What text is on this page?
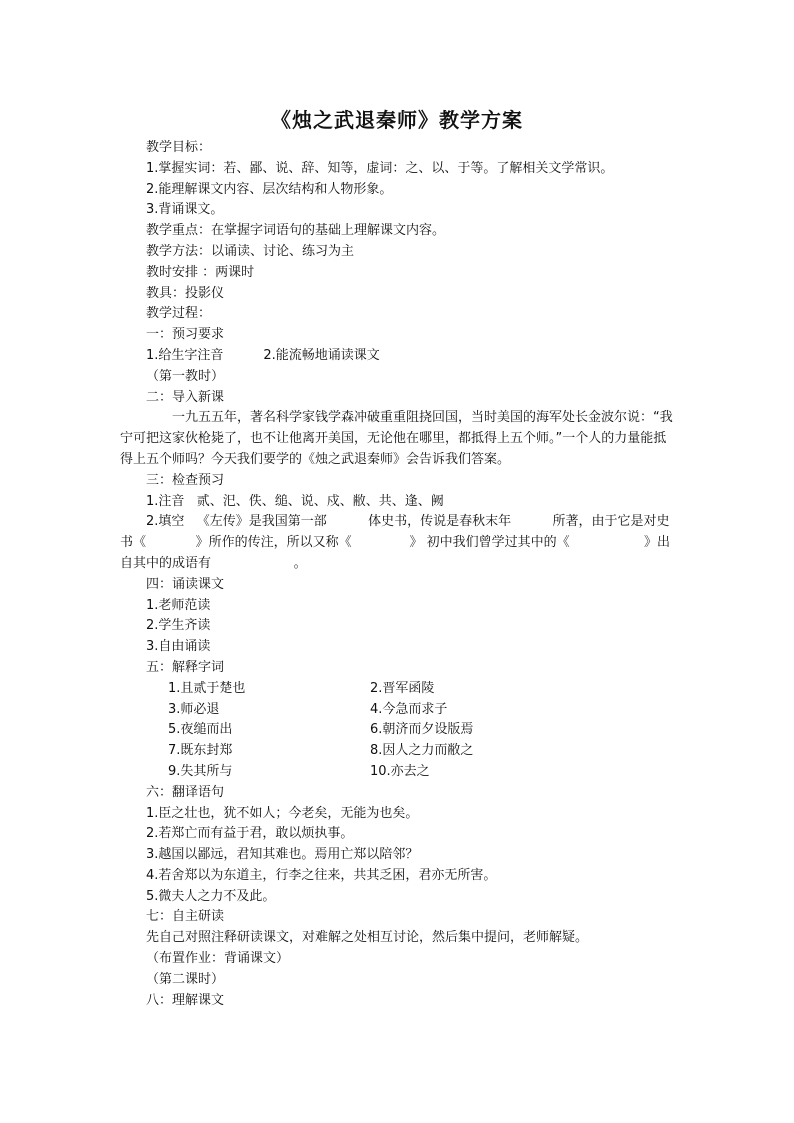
《烛之武退秦师》教学方案
教学目标：
1.掌握实词：若、鄙、说、辞、知等，虚词：之、以、于等。了解相关文学常识。
2.能理解课文内容、层次结构和人物形象。
3.背诵课文。
教学重点：在掌握字词语句的基础上理解课文内容。
教学方法：以诵读、讨论、练习为主
教时安排 ：两课时
教具：投影仪
教学过程：
一：预习要求
1.给生字注音	2.能流畅地诵读课文
（第一教时）
二：导入新课
一九五五年，著名科学家钱学森冲破重重阻挠回国，当时美国的海军处长金波尔说：“我宁可把这家伙枪毙了，也不让他离开美国，无论他在哪里，都抵得上五个师。”一个人的力量能抵得上五个师吗？今天我们要学的《烛之武退秦师》会告诉我们答案。
三：检查预习
1.注音   贰、汜、佚、缒、说、戍、敝、共、逢、阙
2.填空   《左传》是我国第一部          体史书，传说是春秋末年          所著，由于它是对史书《            》所作的传注，所以又称《              》 初中我们曾学过其中的《                  》出自其中的成语有                    。
四：诵读课文
1.老师范读
2.学生齐读
3.自由诵读
五：解释字词
1.且贰于楚也	2.晋军函陵
3.师必退	4.今急而求子
5.夜缒而出	6.朝济而夕设版焉
7.既东封郑	8.因人之力而敝之
9.失其所与	10.亦去之
六：翻译语句
1.臣之壮也，犹不如人；今老矣，无能为也矣。
2.若郑亡而有益于君，敢以烦执事。
3.越国以鄙远，君知其难也。焉用亡郑以陪邻？
4.若舍郑以为东道主，行李之往来，共其乏困，君亦无所害。
5.微夫人之力不及此。
七：自主研读
先自己对照注释研读课文，对难解之处相互讨论，然后集中提问，老师解疑。
（布置作业：背诵课文）
（第二课时）
八：理解课文
